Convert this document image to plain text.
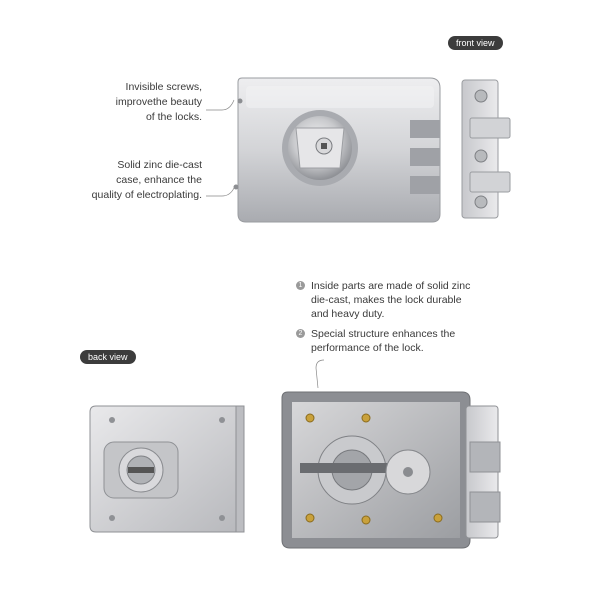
front view
back view
Invisible screws,
improvethe beauty
of the locks.
Solid zinc die-cast
case, enhance the
quality of electroplating.
1 Inside parts are made of solid zinc
die-cast, makes the lock durable
and heavy duty.
2 Special structure enhances the
performance of the lock.
